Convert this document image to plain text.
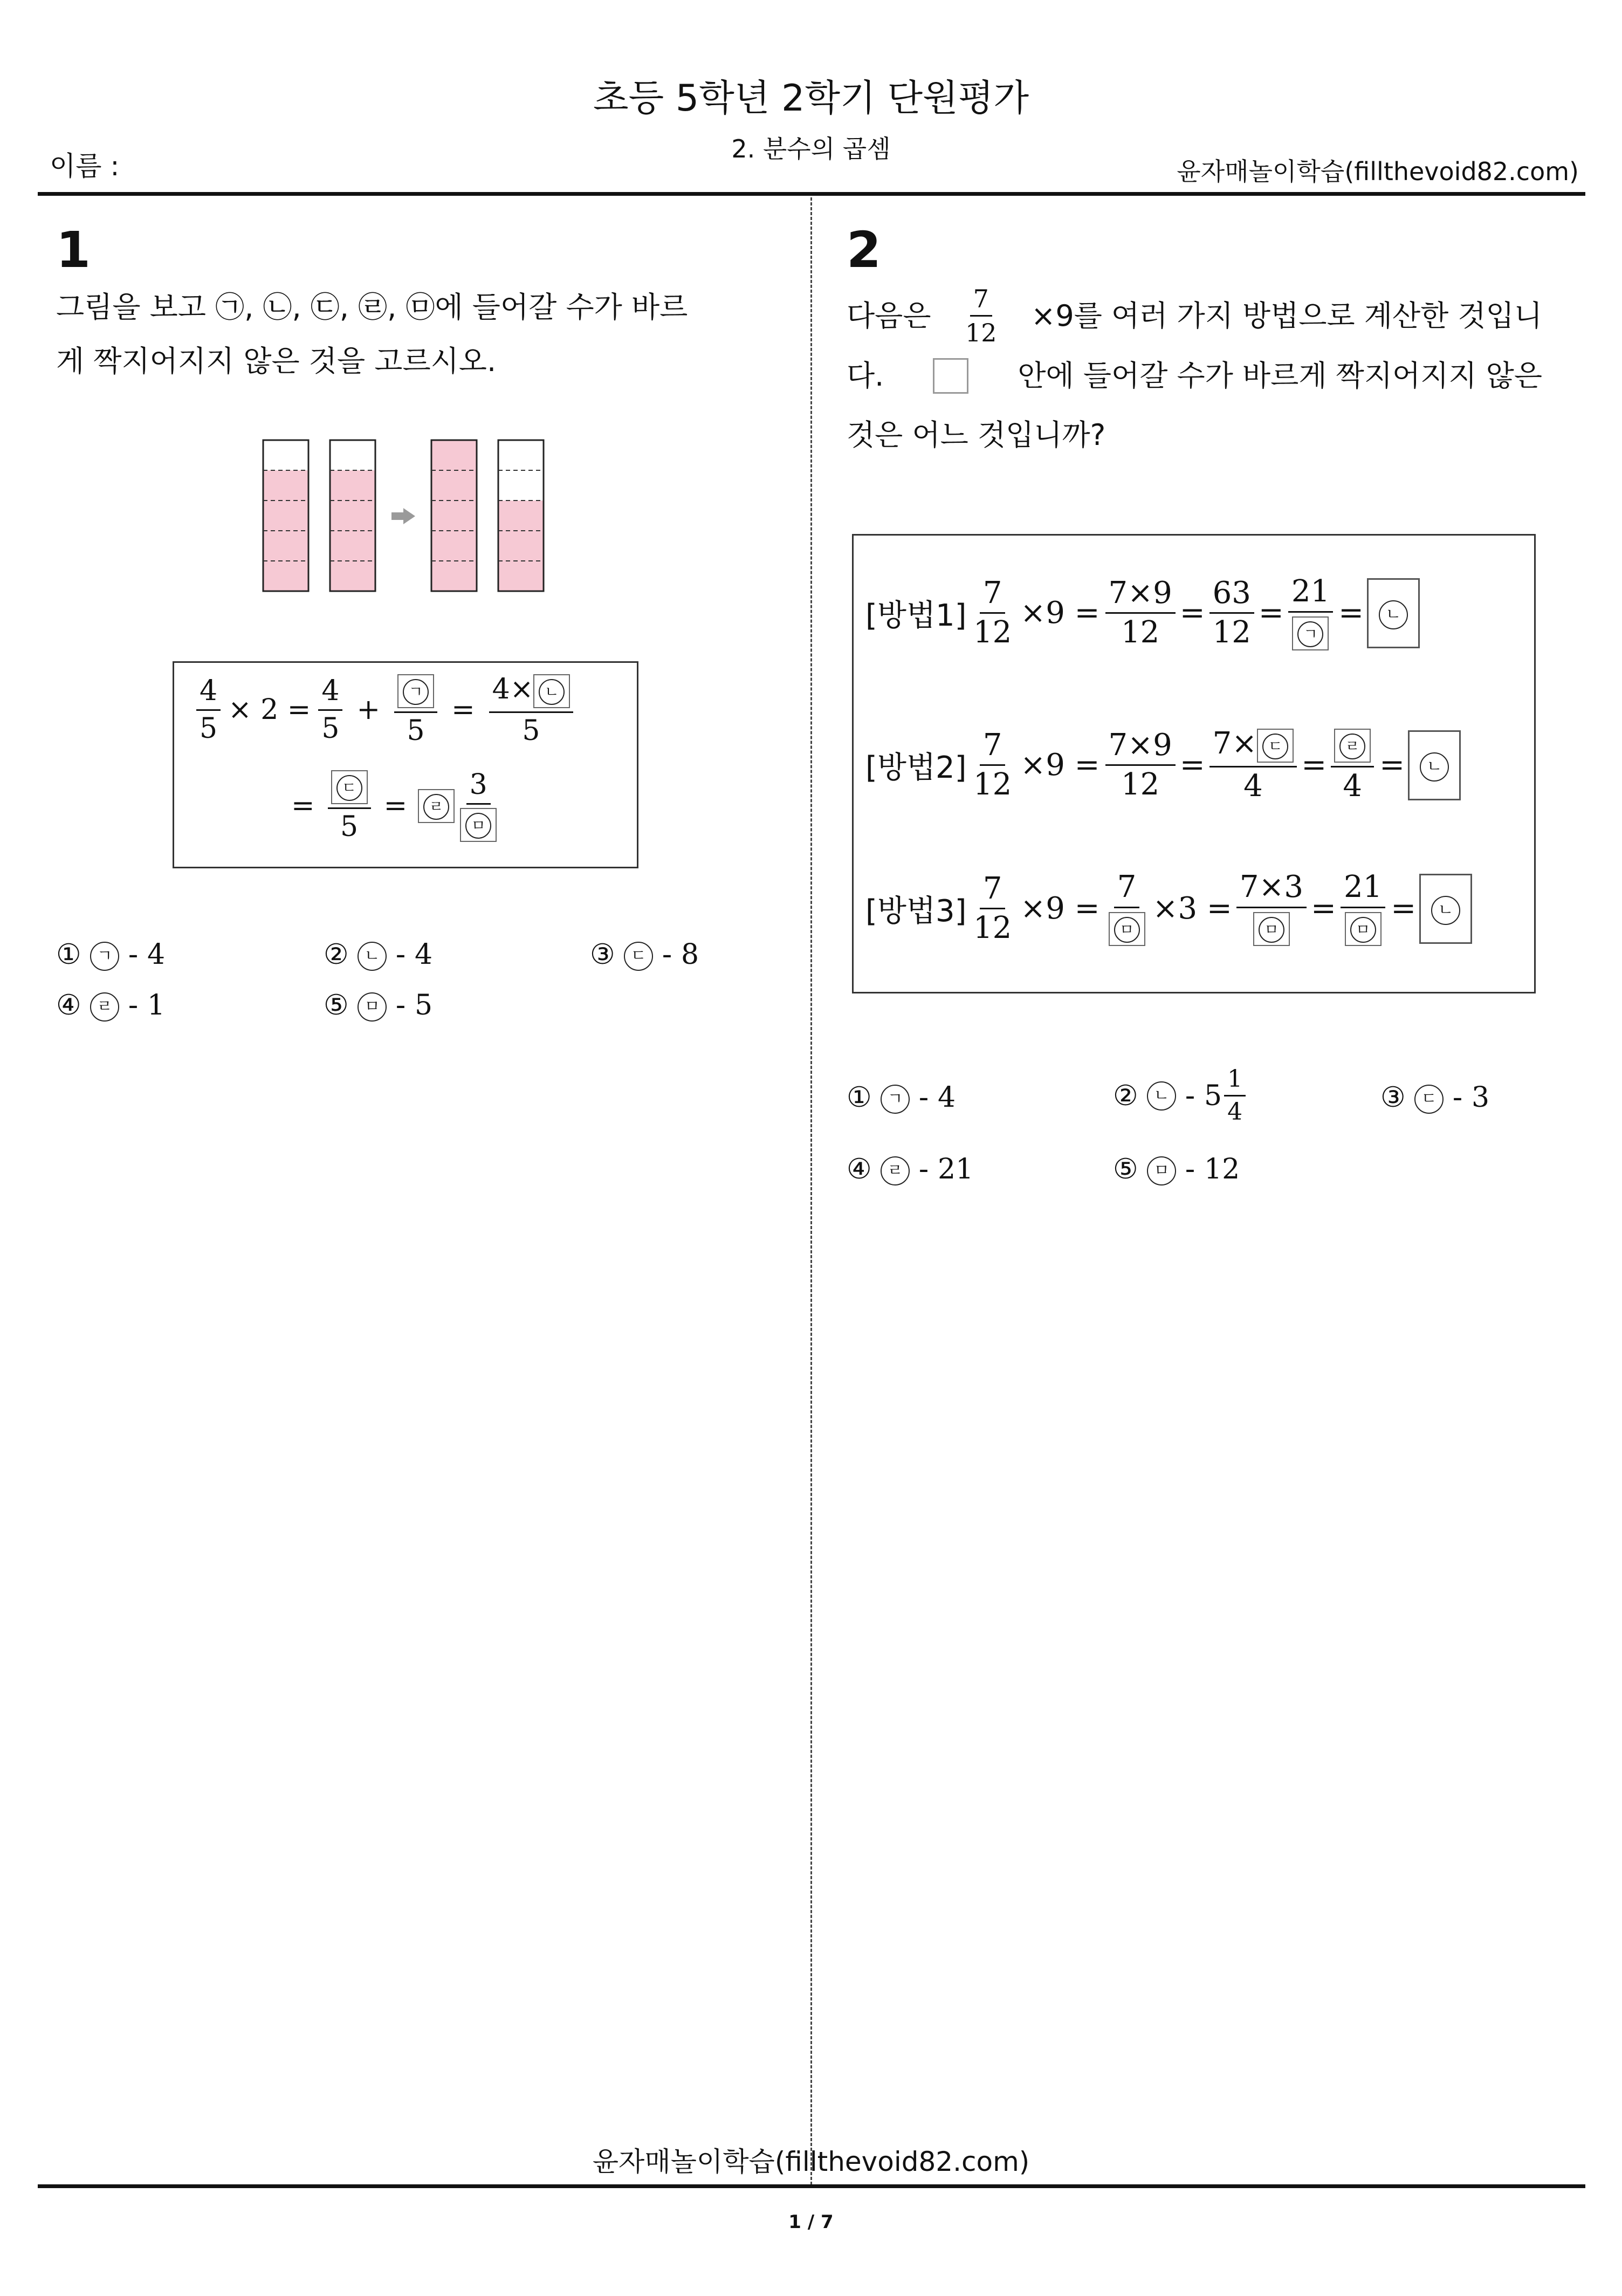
초등 5학년 2학기 단원평가
2. 분수의 곱셈
이름 :	윤자매놀이학습(fillthevoid82.com)
1
그림을 보고 ㉠, ㉡, ㉢, ㉣, ㉤에 들어갈 수가 바르
게 짝지어지지 않은 것을 고르시오.
$\frac{4}{5} \times 2 = \frac{4}{5} + \frac{\text{ㄱ}}{5} = \frac{\text{4× ㄴ}}{5}$
= $\frac{\text{ㄷ}}{5}$ =	ㄹ $\frac{3}{\text{ㅁ}}$
① ㄱ - 4	② ㄴ - 4	③ ㄷ - 8
④ ㄹ - 1	⑤ ㅁ - 5
2
다음은 $\frac{7}{12} \times 9$를 여러 가지 방법으로 계산한 것입니
다.	안에 들어갈 수가 바르게 짝지어지지 않은
것은 어느 것입니까?
[방법$1] \frac{7}{12} \times 9 = \frac{7\times 9}{12} = \frac{63}{12} = \frac{21}{\text{ㄱ}}$ =	ㄴ
[방법$2] \frac{7}{12} \times 9 = \frac{7\times 9}{12} = \frac{\text{7× ㄷ}}{4} = \frac{\text{ㄹ}}{4}$ =	ㄴ
[방법$3] \frac{7}{12} \times 9 = \frac{7}{\text{ㅁ}} \times 3 = \frac{7\times 3}{\text{ㅁ}} = \frac{21}{\text{ㅁ}}$ =	ㄴ
① ㄱ - 4	②
ㄴ - $5 \frac{1}{4}$	③ ㄷ - 3
④ ㄹ - 21	⑤ ㅁ - 12
윤자매놀이학습(fillthevoid82.com)
1 / 7
